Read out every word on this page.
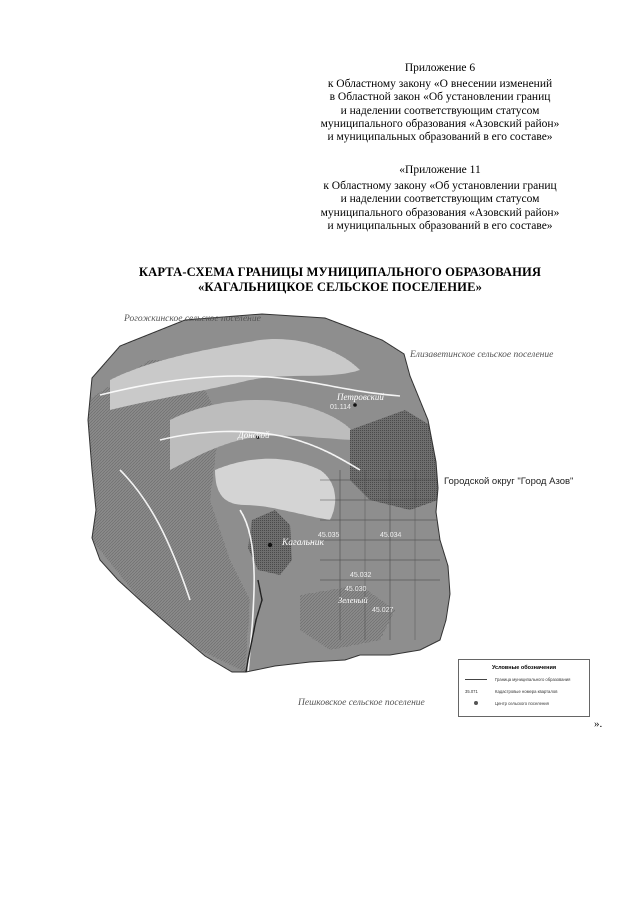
Приложение 6
к Областному закону «О внесении изменений
в Областной закон «Об установлении границ
и наделении соответствующим статусом
муниципального образования «Азовский район»
и муниципальных образований в его составе»
«Приложение 11
к Областному закону «Об установлении границ
и наделении соответствующим статусом
муниципального образования «Азовский район»
и муниципальных образований в его составе»
КАРТА-СХЕМА ГРАНИЦЫ МУНИЦИПАЛЬНОГО ОБРАЗОВАНИЯ
«КАГАЛЬНИЦКОЕ СЕЛЬСКОЕ ПОСЕЛЕНИЕ»
Рогожкинское сельское поселение
Елизаветинское сельское поселение
Городской округ "Город Азов"
Пешковское сельское поселение
Петровский
Донской
Кагальник
Зеленый
01.114
45.035	45.034
45.032
45.030
45.027
Условные обозначения
Граница муниципального образования
35.071	Кадастровые номера кварталов
Центр сельского поселения
».
